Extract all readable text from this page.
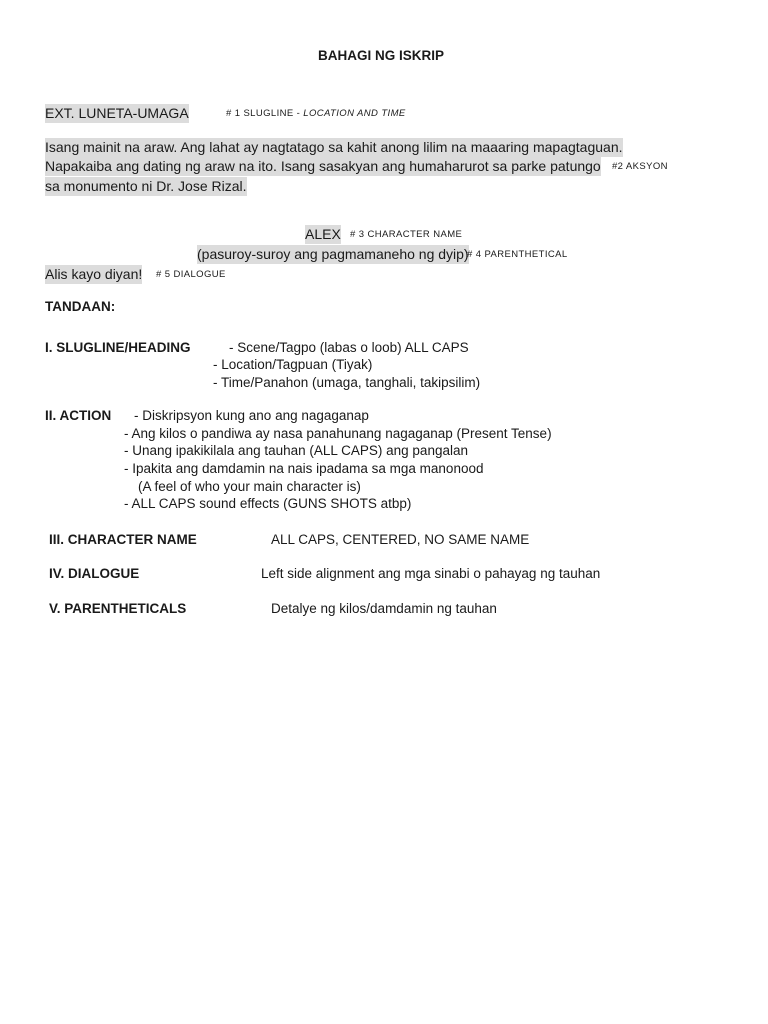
BAHAGI NG ISKRIP
EXT. LUNETA-UMAGA	# 1 SLUGLINE - LOCATION AND TIME
Isang mainit na araw. Ang lahat ay nagtatago sa kahit anong lilim na maaaring mapagtaguan.
Napakaiba ang dating ng araw na ito. Isang sasakyan ang humaharurot sa parke patungo #2 AKSYON
sa monumento ni Dr. Jose Rizal.
ALEX # 3 CHARACTER NAME
(pasuroy-suroy ang pagmamaneho ng dyip)
# 4 PARENTHETICAL
Alis kayo diyan! # 5 DIALOGUE
TANDAAN:
I. SLUGLINE/HEADING	- Scene/Tagpo (labas o loob) ALL CAPS
- Location/Tagpuan (Tiyak)
- Time/Panahon (umaga, tanghali, takipsilim)
II. ACTION - Diskripsyon kung ano ang nagaganap
- Ang kilos o pandiwa ay nasa panahunang nagaganap (Present Tense)
- Unang ipakikilala ang tauhan (ALL CAPS) ang pangalan
- Ipakita ang damdamin na nais ipadama sa mga manonood
(A feel of who your main character is)
- ALL CAPS sound effects (GUNS SHOTS atbp)
III. CHARACTER NAME	ALL CAPS, CENTERED, NO SAME NAME
IV. DIALOGUE	Left side alignment ang mga sinabi o pahayag ng tauhan
V. PARENTHETICALS	Detalye ng kilos/damdamin ng tauhan
